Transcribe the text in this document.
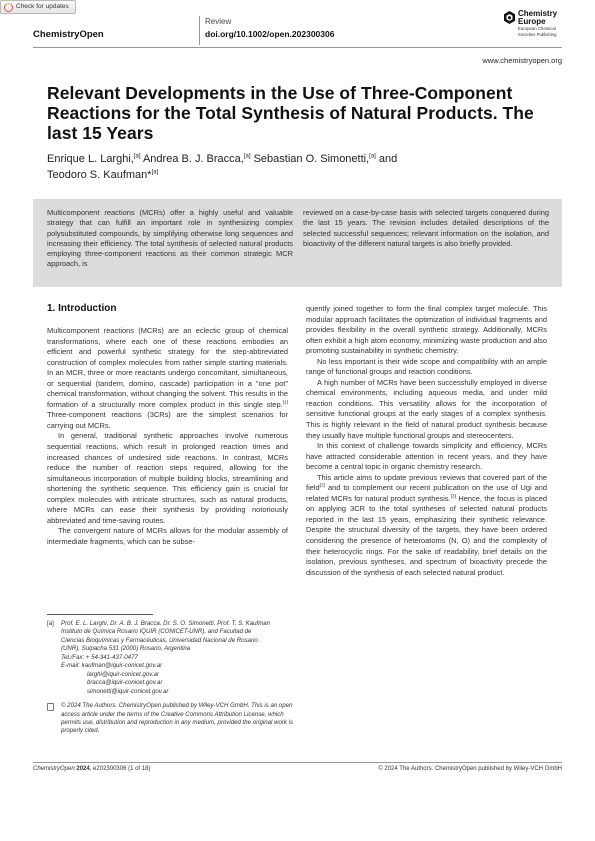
Check for updates
ChemistryOpen
Review
doi.org/10.1002/open.202300306
Chemistry
Europe
European Chemical
Societies Publishing
www.chemistryopen.org
Relevant Developments in the Use of Three-Component Reactions for the Total Synthesis of Natural Products. The last 15 Years
Enrique L. Larghi,[a] Andrea B. J. Bracca,[a] Sebastian O. Simonetti,[a] and
Teodoro S. Kaufman*[a]
Multicomponent reactions (MCRs) offer a highly useful and valuable strategy that can fulfill an important role in synthesizing complex polysubstituted compounds, by simplifying otherwise long sequences and increasing their efficiency. The total synthesis of selected natural products employing three-component reactions as their common strategic MCR approach, is
reviewed on a case-by-case basis with selected targets conquered during the last 15 years. The revision includes detailed descriptions of the selected successful sequences; relevant information on the isolation, and bioactivity of the different natural targets is also briefly provided.
1. Introduction

Multicomponent reactions (MCRs) are an eclectic group of chemical transformations, where each one of these reactions embodies an efficient and powerful synthetic strategy for the step-abbreviated construction of complex molecules from rather simple starting materials. In an MCR, three or more reactants undergo concomitant, simultaneous, or sequential (tandem, domino, cascade) participation in a "one pot" chemical transformation, without changing the solvent. This results in the formation of a structurally more complex product in this single step.[1] Three-component reactions (3CRs) are the simplest scenarios for carrying out MCRs.

In general, traditional synthetic approaches involve numerous sequential reactions, which result in prolonged reaction times and increased chances of undesired side reactions. In contrast, MCRs reduce the number of reaction steps required, allowing for the simultaneous incorporation of multiple building blocks, streamlining and shortening the synthetic sequence. This efficiency gain is crucial for complex molecules with intricate structures, such as natural products, where MCRs can ease their synthesis by providing notoriously abbreviated and time-saving routes.

The convergent nature of MCRs allows for the modular assembly of intermediate fragments, which can be subse-

quently joined together to form the final complex target molecule. This modular approach facilitates the optimization of individual fragments and provides flexibility in the overall synthetic strategy. Additionally, MCRs often exhibit a high atom economy, minimizing waste production and also promoting sustainability in synthetic chemistry.

No less important is their wide scope and compatibility with an ample range of functional groups and reaction conditions.

A high number of MCRs have been successfully employed in diverse chemical environments, including aqueous media, and under mild reaction conditions. This versatility allows for the incorporation of sensitive functional groups at the early stages of a complex synthesis. This is highly relevant in the field of natural product synthesis because they usually have multiple functional groups and stereocenters.

In this context of challenge towards simplicity and efficiency, MCRs have attracted considerable attention in recent years, and they have become a central topic in organic chemistry research.

This article aims to update previous reviews that covered part of the field[2] and to complement our recent publication on the use of Ugi and related MCRs for natural product synthesis.[3] Hence, the focus is placed on applying 3CR to the total syntheses of selected natural products reported in the last 15 years, emphasizing their synthetic relevance. Despite the structural diversity of the targets, they have been ordered considering the presence of heteroatoms (N, O) and the complexity of their heterocyclic rings. For the sake of readability, brief details on the isolation, previous syntheses, and spectrum of bioactivity precede the discussion of the synthesis of each selected natural product.

[a]	Prof. E. L. Larghi, Dr. A. B. J. Bracca, Dr. S. O. Simonetti, Prof. T. S. Kaufman
Instituto de Química Rosario IQUIR (CONICET-UNR), and Facultad de
Ciencias Bioquímicas y Farmacéuticas, Universidad Nacional de Rosario
(UNR), Suipacha 531 (2000) Rosario, Argentina
Tel./Fax: + 54-341-437-0477
E-mail: kaufman@iquir-conicet.gov.ar
larghi@iquir-conicet.gov.ar
bracca@iquir-conicet.gov.ar
simonetti@iquir-conicet.gov.ar
© 2024 The Authors. ChemistryOpen published by Wiley-VCH GmbH. This is an open access article under the terms of the Creative Commons Attribution License, which permits use, distribution and reproduction in any medium, provided the original work is properly cited.
ChemistryOpen 2024, e202300306 (1 of 18)	© 2024 The Authors. ChemistryOpen published by Wiley-VCH GmbH
